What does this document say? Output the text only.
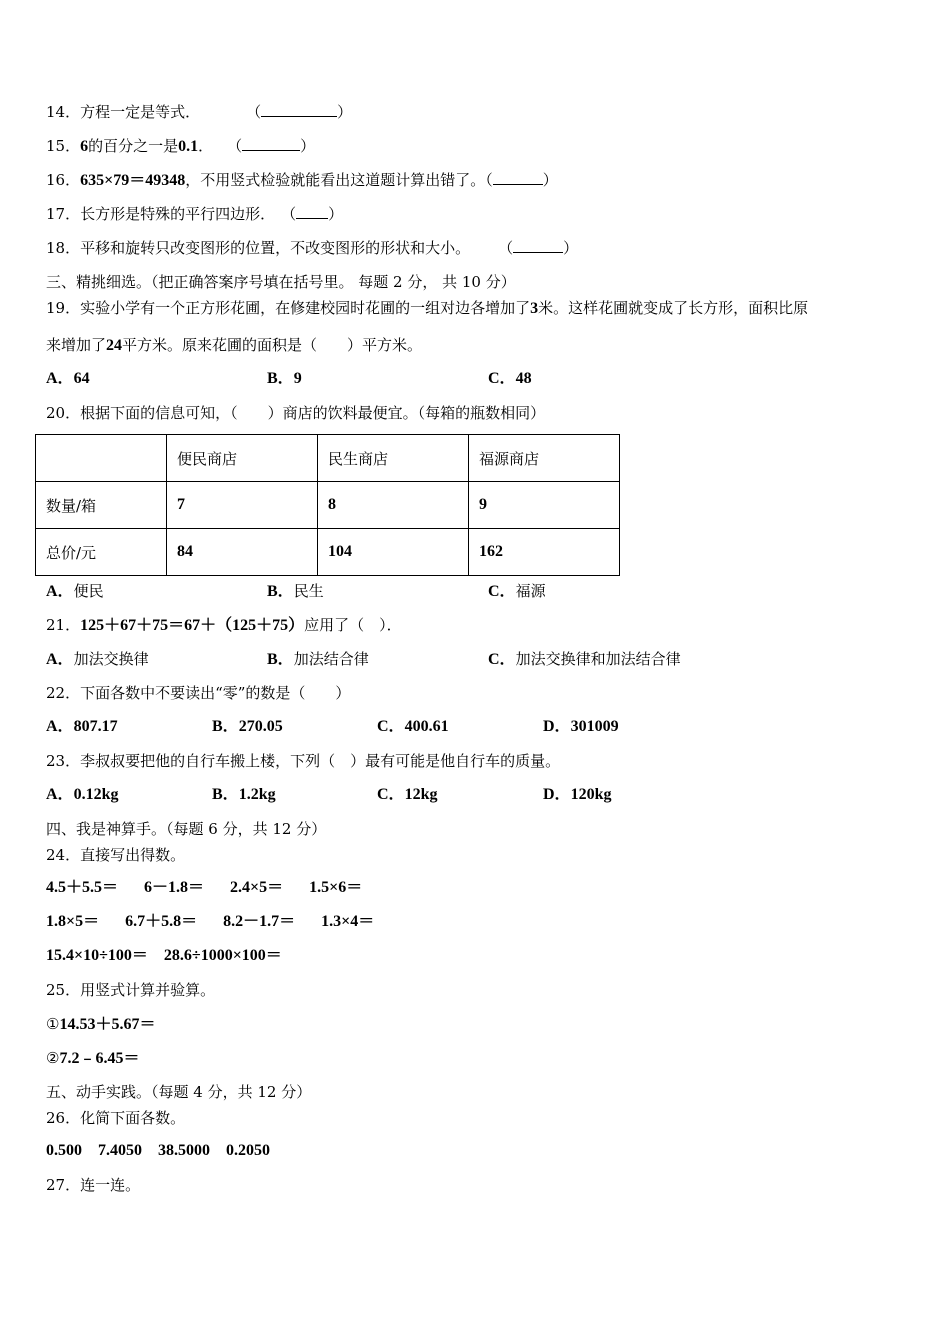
14．方程一定是等式．	（	）
15．6的百分之一是0.1． （	）
16．635×79＝49348，不用竖式检验就能看出这道题计算出错了。（	）
17．长方形是特殊的平行四边形． （ ）
18．平移和旋转只改变图形的位置，不改变图形的形状和大小。 （	）
三、精挑细选。（把正确答案序号填在括号里。 每题 2 分， 共 10 分）
19．实验小学有一个正方形花圃，在修建校园时花圃的一组对边各增加了3米。这样花圃就变成了长方形，面积比原
来增加了24平方米。原来花圃的面积是（　　）平方米。
A．64	B．9	C．48
20．根据下面的信息可知，（　　）商店的饮料最便宜。（每箱的瓶数相同）
	便民商店	民生商店	福源商店
数量/箱	7	8	9
总价/元	84	104	162
A．便民	B．民生	C．福源
21．125＋67＋75＝67＋（125＋75）应用了（　）．
A．加法交换律	B．加法结合律	C．加法交换律和加法结合律
22．下面各数中不要读出“零”的数是（　　）
A．807.17	B．270.05	C．400.61	D．301009
23．李叔叔要把他的自行车搬上楼，下列（　）最有可能是他自行车的质量。
A．0.12kg	B．1.2kg	C．12kg	D．120kg
四、我是神算手。（每题 6 分，共 12 分）
24．直接写出得数。
4.5＋5.5＝ 6－1.8＝ 2.4×5＝ 1.5×6＝
1.8×5＝ 6.7＋5.8＝ 8.2－1.7＝ 1.3×4＝
15.4×10÷100＝ 28.6÷1000×100＝
25．用竖式计算并验算。
①14.53＋5.67＝
②7.2﹣6.45＝
五、动手实践。（每题 4 分，共 12 分）
26．化简下面各数。
0.500 7.4050 38.5000 0.2050
27．连一连。
